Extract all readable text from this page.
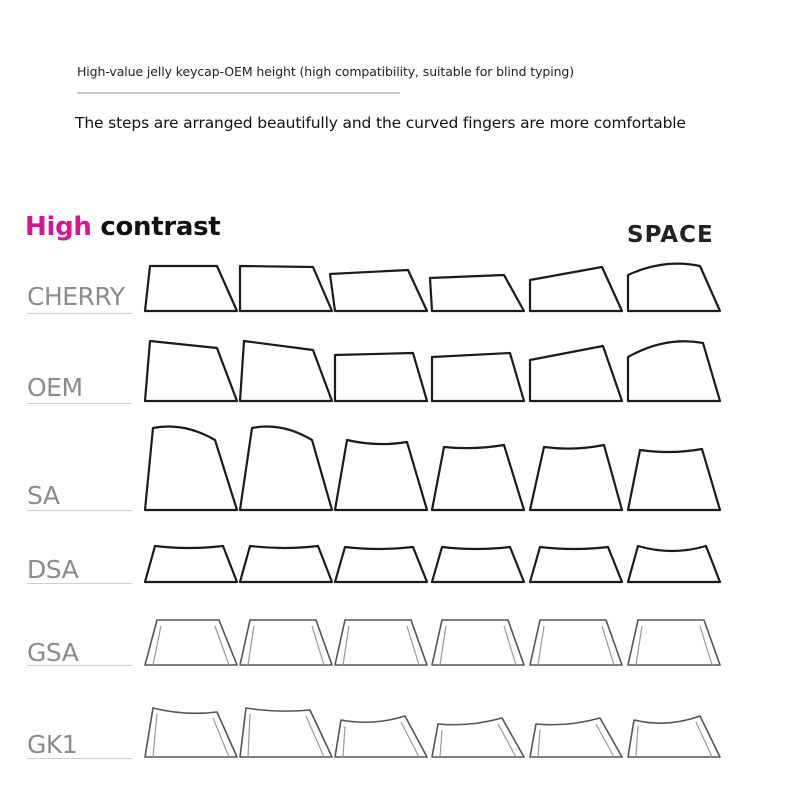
High-value jelly keycap-OEM height (high compatibility, suitable for blind typing)
The steps are arranged beautifully and the curved fingers are more comfortable
High contrast	SPACE
CHERRY
OEM
SA
DSA
GSA
GK1
